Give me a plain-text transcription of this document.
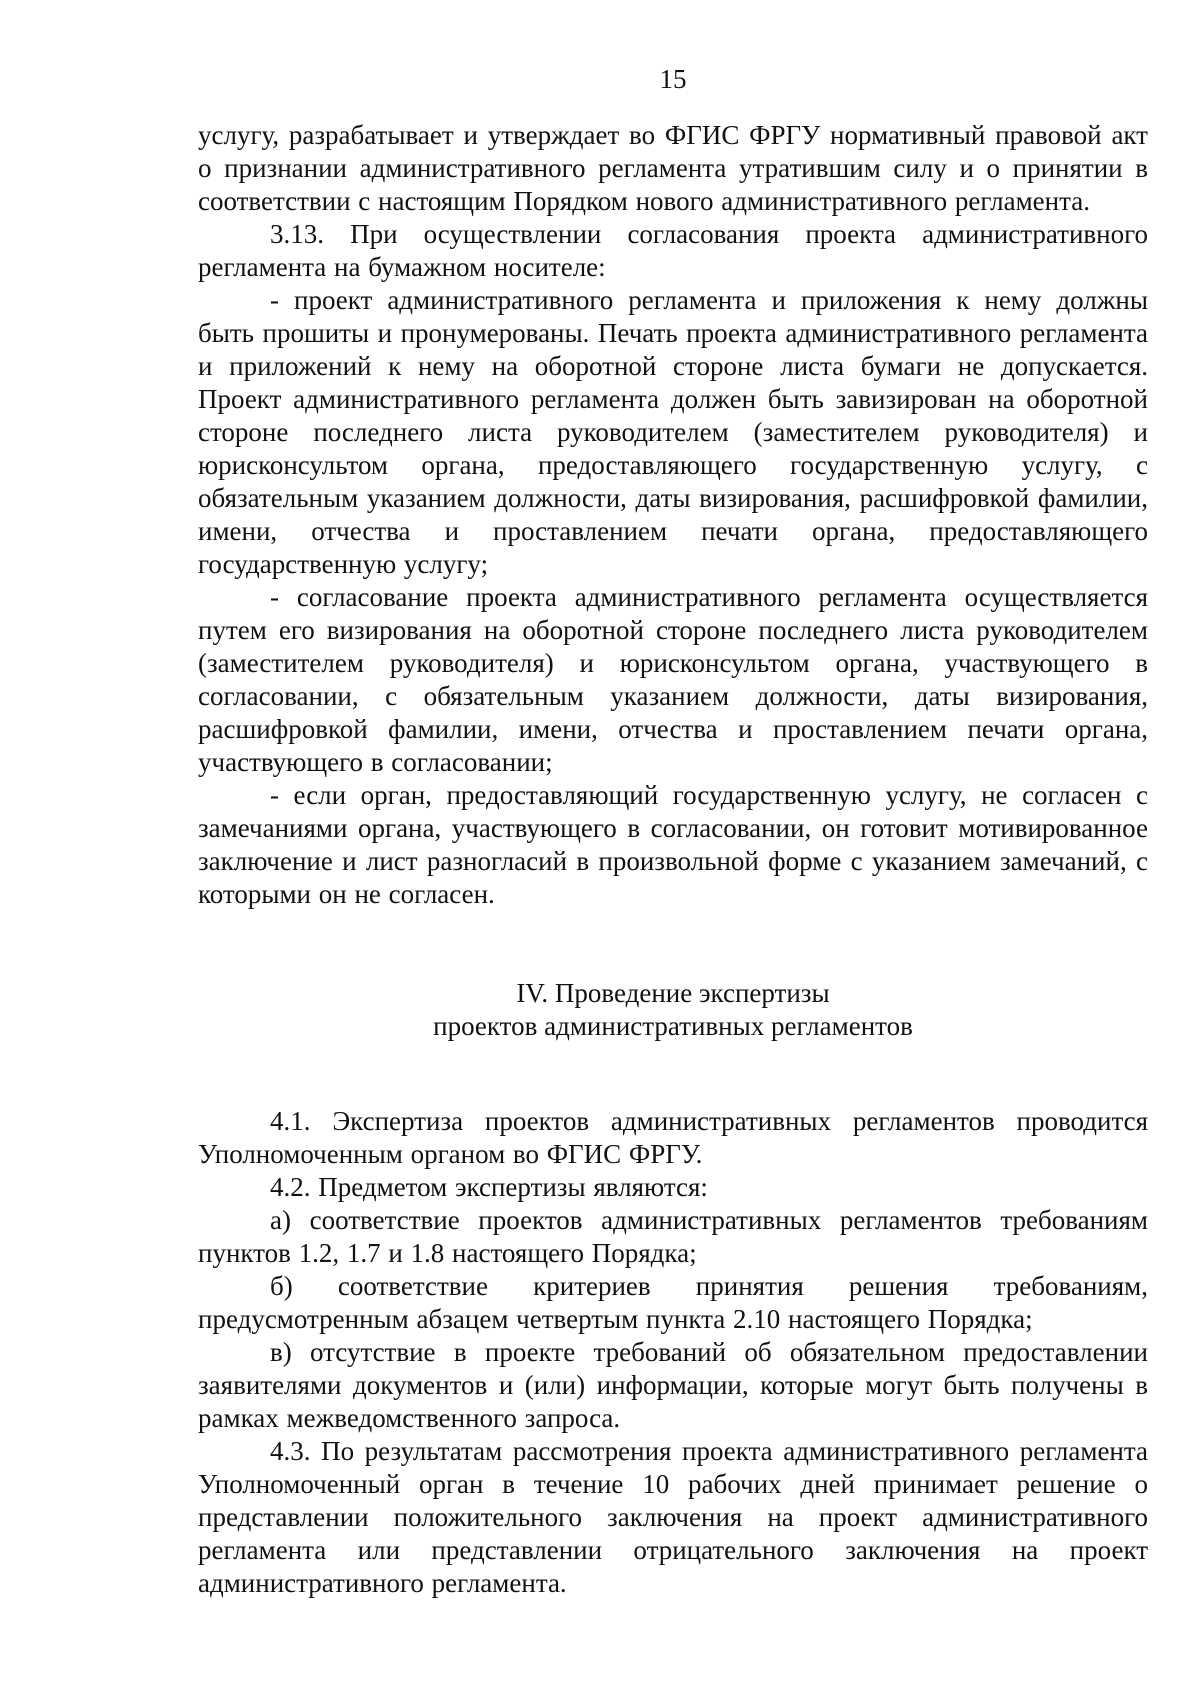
15

услугу, разрабатывает и утверждает во ФГИС ФРГУ нормативный правовой акт о признании административного регламента утратившим силу и о принятии в соответствии с настоящим Порядком нового административного регламента.

3.13. При осуществлении согласования проекта административного регламента на бумажном носителе:

- проект административного регламента и приложения к нему должны быть прошиты и пронумерованы. Печать проекта административного регламента и приложений к нему на оборотной стороне листа бумаги не допускается. Проект административного регламента должен быть завизирован на оборотной стороне последнего листа руководителем (заместителем руководителя) и юрисконсультом органа, предоставляющего государственную услугу, с обязательным указанием должности, даты визирования, расшифровкой фамилии, имени, отчества и проставлением печати органа, предоставляющего государственную услугу;

- согласование проекта административного регламента осуществляется путем его визирования на оборотной стороне последнего листа руководителем (заместителем руководителя) и юрисконсультом органа, участвующего в согласовании, с обязательным указанием должности, даты визирования, расшифровкой фамилии, имени, отчества и проставлением печати органа, участвующего в согласовании;

- если орган, предоставляющий государственную услугу, не согласен с замечаниями органа, участвующего в согласовании, он готовит мотивированное заключение и лист разногласий в произвольной форме с указанием замечаний, с которыми он не согласен.

IV. Проведение экспертизы
проектов административных регламентов

4.1. Экспертиза проектов административных регламентов проводится Уполномоченным органом во ФГИС ФРГУ.

4.2. Предметом экспертизы являются:

а) соответствие проектов административных регламентов требованиям пунктов 1.2, 1.7 и 1.8 настоящего Порядка;

б) соответствие критериев принятия решения требованиям, предусмотренным абзацем четвертым пункта 2.10 настоящего Порядка;

в) отсутствие в проекте требований об обязательном предоставлении заявителями документов и (или) информации, которые могут быть получены в рамках межведомственного запроса.

4.3. По результатам рассмотрения проекта административного регламента Уполномоченный орган в течение 10 рабочих дней принимает решение о представлении положительного заключения на проект административного регламента или представлении отрицательного заключения на проект административного регламента.
